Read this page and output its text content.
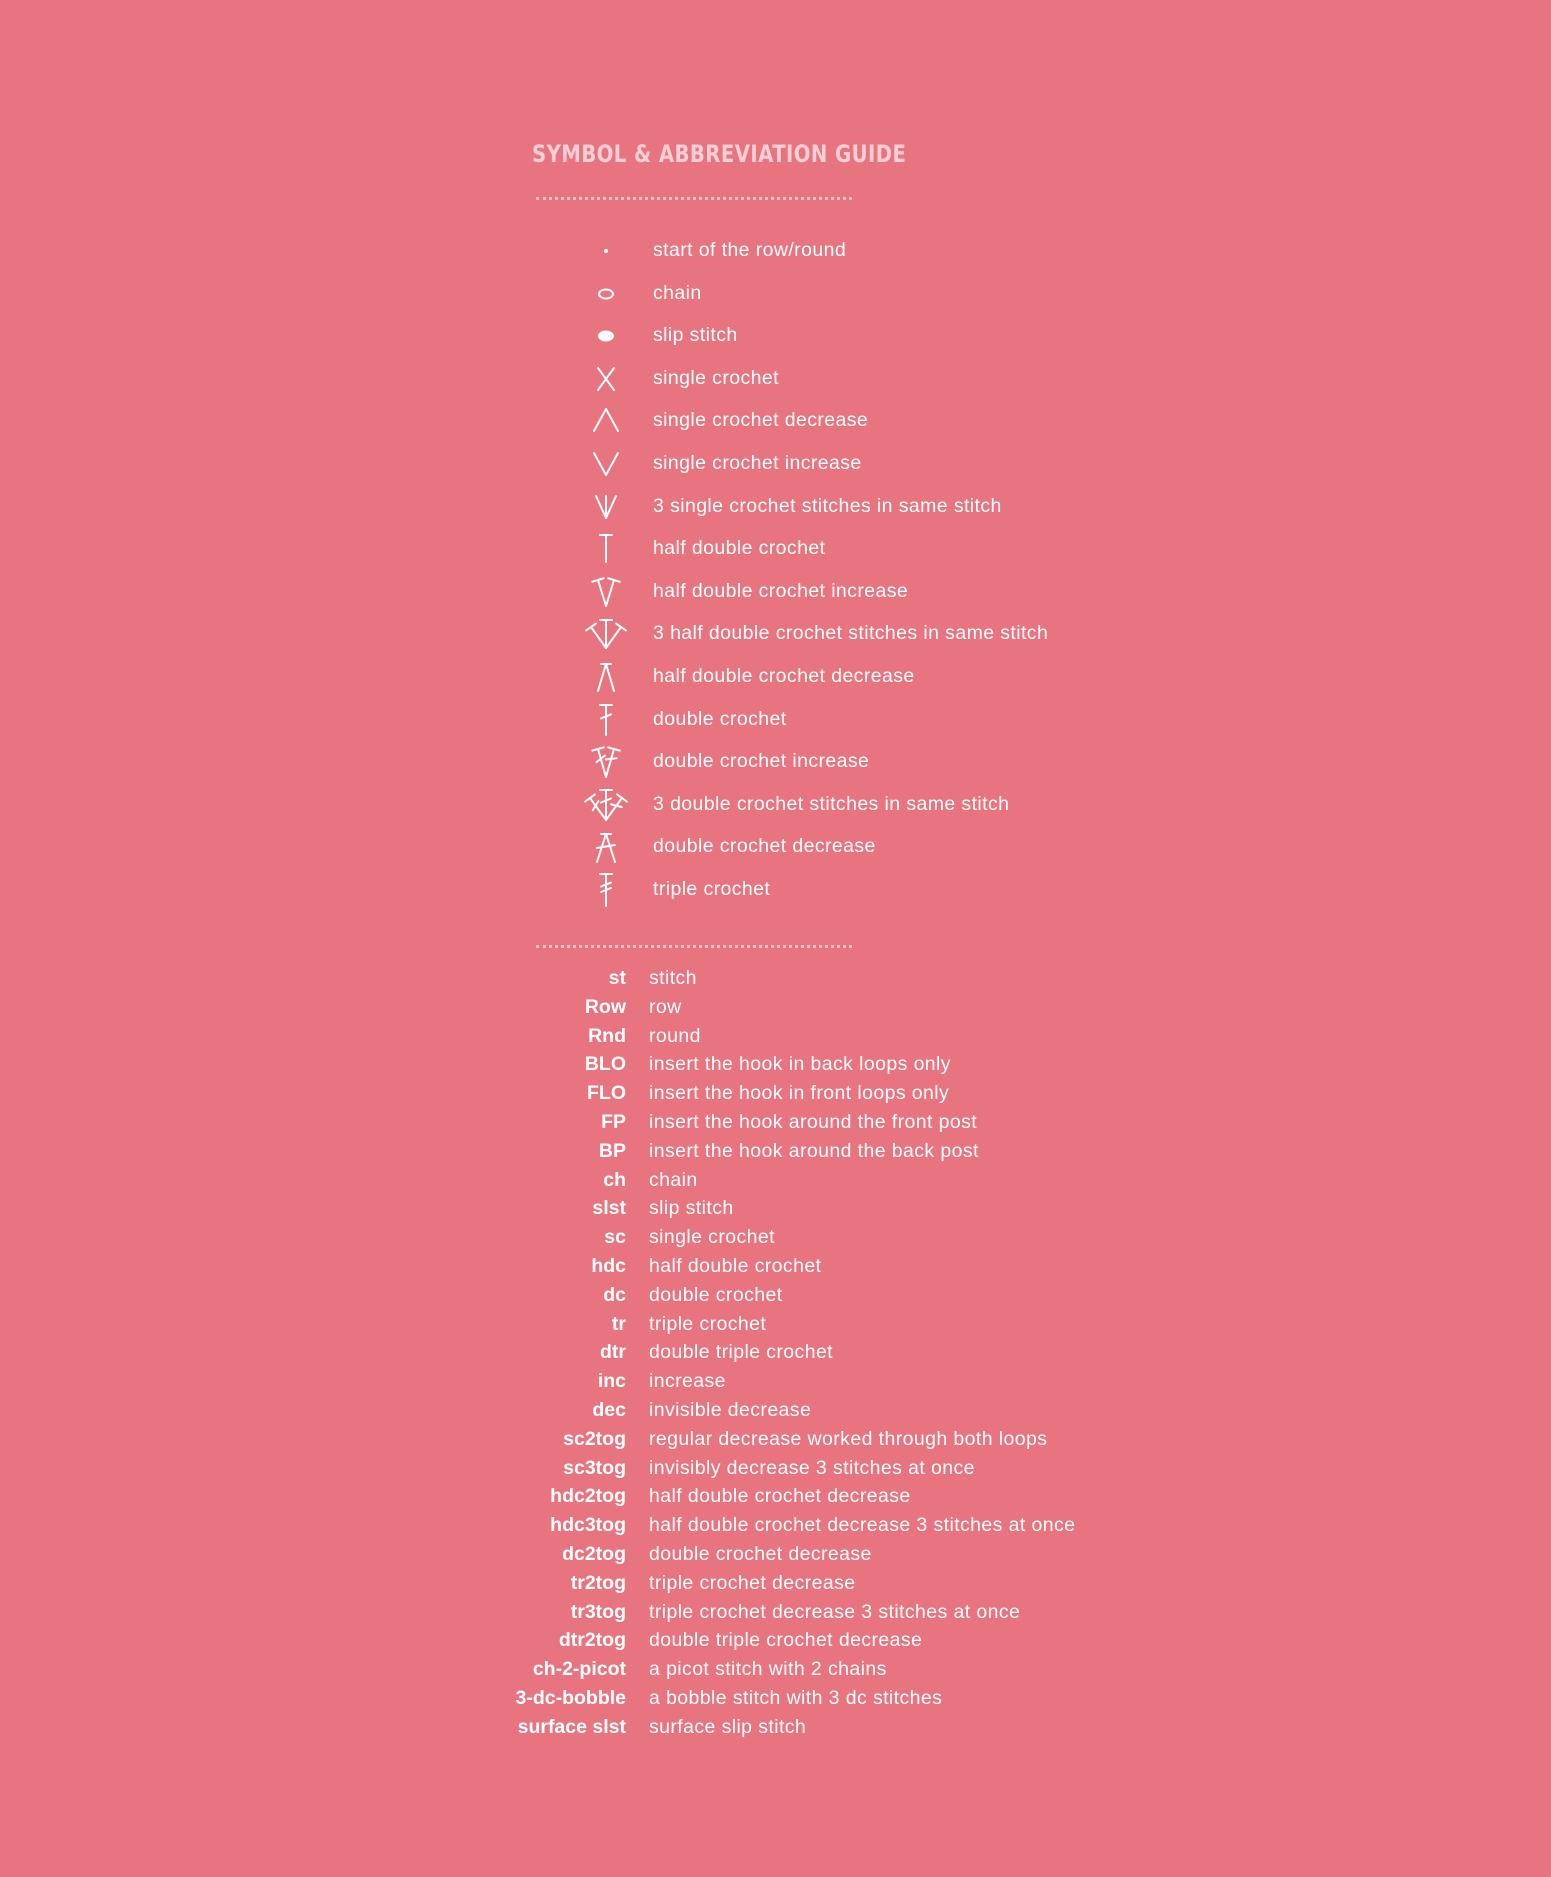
SYMBOL & ABBREVIATION GUIDE
start of the row/round
chain
slip stitch
single crochet
single crochet decrease
single crochet increase
3 single crochet stitches in same stitch
half double crochet
half double crochet increase
3 half double crochet stitches in same stitch
half double crochet decrease
double crochet
double crochet increase
3 double crochet stitches in same stitch
double crochet decrease
triple crochet
st stitch
Row row
Rnd round
BLO insert the hook in back loops only
FLO insert the hook in front loops only
FP insert the hook around the front post
BP insert the hook around the back post
ch chain
slst slip stitch
sc single crochet
hdc half double crochet
dc double crochet
tr triple crochet
dtr double triple crochet
inc increase
dec invisible decrease
sc2tog regular decrease worked through both loops
sc3tog invisibly decrease 3 stitches at once
hdc2tog half double crochet decrease
hdc3tog half double crochet decrease 3 stitches at once
dc2tog double crochet decrease
tr2tog triple crochet decrease
tr3tog triple crochet decrease 3 stitches at once
dtr2tog double triple crochet decrease
ch-2-picot a picot stitch with 2 chains
3-dc-bobble a bobble stitch with 3 dc stitches
surface slst surface slip stitch
